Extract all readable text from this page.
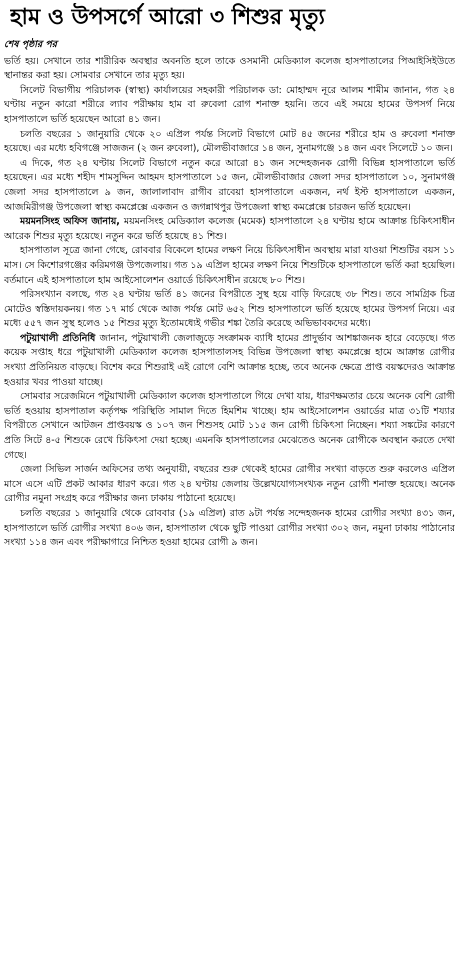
হাম ও উপসর্গে আরো ৩ শিশুর মৃত্যু
শেষ পৃষ্ঠার পর

ভর্তি হয়। সেখানে তার শারীরিক অবস্থার অবনতি হলে তাকে ওসমানী মেডিক্যাল কলেজ হাসপাতালের পিআইসিইউতে স্থানান্তর করা হয়। সোমবার সেখানে তার মৃত্যু হয়।

সিলেট বিভাগীয় পরিচালক (স্বাস্থ্য) কার্যালয়ের সহকারী পরিচালক ডা: মোহাম্মদ নূরে আলম শামীম জানান, গত ২৪ ঘণ্টায় নতুন কারো শরীরে ল্যাব পরীক্ষায় হাম বা রুবেলা রোগ শনাক্ত হয়নি। তবে এই সময়ে হামের উপসর্গ নিয়ে হাসপাতালে ভর্তি হয়েছেন আরো ৪১ জন।

চলতি বছরের ১ জানুয়ারি থেকে ২০ এপ্রিল পর্যন্ত সিলেট বিভাগে মোট ৪৫ জনের শরীরে হাম ও রুবেলা শনাক্ত হয়েছে। এর মধ্যে হবিগঞ্জে সাজজন (২ জন রুবেলা), মৌলভীবাজারে ১৪ জন, সুনামগঞ্জে ১৪ জন এবং সিলেটে ১০ জন।

এ দিকে, গত ২৪ ঘণ্টায় সিলেট বিভাগে নতুন করে আরো ৪১ জন সন্দেহজনক রোগী বিভিন্ন হাসপাতালে ভর্তি হয়েছেন। এর মধ্যে শহীদ শামসুদ্দিন আহমদ হাসপাতালে ১৫ জন, মৌলভীবাজার জেলা সদর হাসপাতালে ১০, সুনামগঞ্জ জেলা সদর হাসপাতালে ৯ জন, জালালাবাদ রাগীব রাবেয়া হাসপাতালে একজন, নর্থ ইস্ট হাসপাতালে একজন, আজমিরীগঞ্জ উপজেলা স্বাস্থ্য কমপ্লেক্সে একজন ও জগন্নাথপুর উপজেলা স্বাস্থ্য কমপ্লেক্সে চারজন ভর্তি হয়েছেন।

ময়মনসিংহ অফিস জানায়, ময়মনসিংহ মেডিক্যাল কলেজ (মমেক) হাসপাতালে ২৪ ঘণ্টায় হামে আক্রান্ত চিকিৎসাধীন আরেক শিশুর মৃত্যু হয়েছে। নতুন করে ভর্তি হয়েছে ৪১ শিশু।

হাসপাতাল সূত্রে জানা গেছে, রোববার বিকেলে হামের লক্ষণ নিয়ে চিকিৎসাধীন অবস্থায় মারা যাওয়া শিশুটির বয়স ১১ মাস। সে কিশোরগঞ্জের করিমগঞ্জ উপজেলায়। গত ১৯ এপ্রিল হামের লক্ষণ নিয়ে শিশুটিকে হাসপাতালে ভর্তি করা হয়েছিল। বর্তমানে এই হাসপাতালে হাম আইসোলেশন ওয়ার্ডে চিকিৎসাধীন রয়েছে ৮০ শিশু।

পরিসংখ্যান বলছে, গত ২৪ ঘণ্টায় ভর্তি ৪১ জনের বিপরীতে সুস্থ হয়ে বাড়ি ফিরেছে ৩৮ শিশু। তবে সামগ্রিক চিত্র মোটেও স্বস্তিদায়কনয়। গত ১৭ মার্চ থেকে আজ পর্যন্ত মোট ৬৫২ শিশু হাসপাতালে ভর্তি হয়েছে হামের উপসর্গ নিয়ে। এর মধ্যে ৫৫৭ জন সুস্থ হলেও ১৫ শিশুর মৃত্যু ইতোমধ্যেই গভীর শঙ্কা তৈরি করেছে অভিভাবকদের মধ্যে।

পটুয়াখালী প্রতিনিধি জানান, পটুয়াখালী জেলাজুড়ে সংক্রামক ব্যাধি হামের প্রাদুর্ভাব আশঙ্কাজনক হারে বেড়েছে। গত কয়েক সপ্তাহ ধরে পটুয়াখালী মেডিক্যাল কলেজ হাসপাতালসহ বিভিন্ন উপজেলা স্বাস্থ্য কমপ্লেক্সে হামে আক্রান্ত রোগীর সংখ্যা প্রতিনিয়ত বাড়ছে। বিশেষ করে শিশুরাই এই রোগে বেশি আক্রান্ত হচ্ছে, তবে অনেক ক্ষেত্রে প্রাপ্ত বয়স্কদেরও আক্রান্ত হওয়ার খবর পাওয়া যাচ্ছে।

সোমবার সরেজমিনে পটুয়াখালী মেডিক্যাল কলেজ হাসপাতালে গিয়ে দেখা যায়, ধারণক্ষমতার চেয়ে অনেক বেশি রোগী ভর্তি হওয়ায় হাসপাতাল কর্তৃপক্ষ পরিস্থিতি সামাল দিতে হিমশিম খাচ্ছে। হাম আইসোলেশন ওয়ার্ডের মাত্র ৩১টি শয্যার বিপরীতে সেখানে আটজন প্রাপ্তবয়স্ক ও ১০৭ জন শিশুসহ মোট ১১৫ জন রোগী চিকিৎসা নিচ্ছেন। শয্যা সঙ্কটের কারণে প্রতি সিটে ৪-৫ শিশুকে রেখে চিকিৎসা দেয়া হচ্ছে। এমনকি হাসপাতালের মেঝেতেও অনেক রোগীকে অবস্থান করতে দেখা গেছে।

জেলা সিভিল সার্জন অফিসের তথ্য অনুযায়ী, বছরের শুরু থেকেই হামের রোগীর সংখ্যা বাড়তে শুরু করলেও এপ্রিল মাসে এসে এটি প্রকট আকার ধারণ করে। গত ২৪ ঘণ্টায় জেলায় উল্লেখযোগ্যসংখ্যক নতুন রোগী শনাক্ত হয়েছে। অনেক রোগীর নমুনা সংগ্রহ করে পরীক্ষার জন্য ঢাকায় পাঠানো হয়েছে।

চলতি বছরের ১ জানুয়ারি থেকে রোববার (১৯ এপ্রিল) রাত ৯টা পর্যন্ত সন্দেহজনক হামের রোগীর সংখ্যা ৪৩১ জন, হাসপাতালে ভর্তি রোগীর সংখ্যা ৪০৬ জন, হাসপাতাল থেকে ছুটি পাওয়া রোগীর সংখ্যা ৩০২ জন, নমুনা ঢাকায় পাঠানোর সংখ্যা ১১৪ জন এবং পরীক্ষাগারে নিশ্চিত হওয়া হামের রোগী ৯ জন।
